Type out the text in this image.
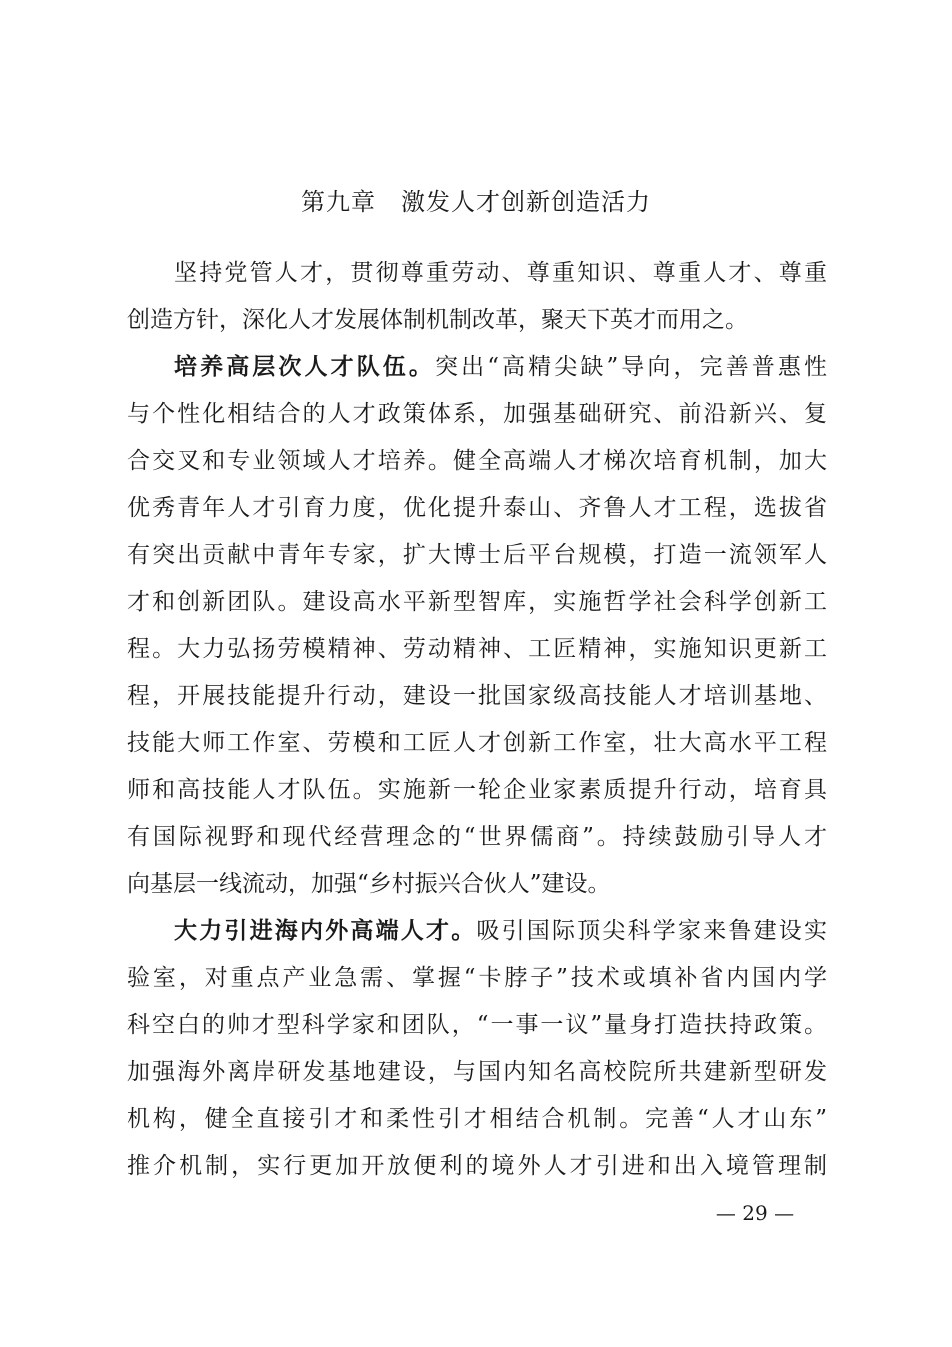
第九章　激发人才创新创造活力
坚持党管人才，贯彻尊重劳动、尊重知识、尊重人才、尊重
创造方针，深化人才发展体制机制改革，聚天下英才而用之。
培养高层次人才队伍。突出“高精尖缺”导向，完善普惠性
与个性化相结合的人才政策体系，加强基础研究、前沿新兴、复
合交叉和专业领域人才培养。健全高端人才梯次培育机制，加大
优秀青年人才引育力度，优化提升泰山、齐鲁人才工程，选拔省
有突出贡献中青年专家，扩大博士后平台规模，打造一流领军人
才和创新团队。建设高水平新型智库，实施哲学社会科学创新工
程。大力弘扬劳模精神、劳动精神、工匠精神，实施知识更新工
程，开展技能提升行动，建设一批国家级高技能人才培训基地、
技能大师工作室、劳模和工匠人才创新工作室，壮大高水平工程
师和高技能人才队伍。实施新一轮企业家素质提升行动，培育具
有国际视野和现代经营理念的“世界儒商”。持续鼓励引导人才
向基层一线流动，加强“乡村振兴合伙人”建设。
大力引进海内外高端人才。吸引国际顶尖科学家来鲁建设实
验室，对重点产业急需、掌握“卡脖子”技术或填补省内国内学
科空白的帅才型科学家和团队，“一事一议”量身打造扶持政策。
加强海外离岸研发基地建设，与国内知名高校院所共建新型研发
机构，健全直接引才和柔性引才相结合机制。完善“人才山东”
推介机制，实行更加开放便利的境外人才引进和出入境管理制
— 29 —
